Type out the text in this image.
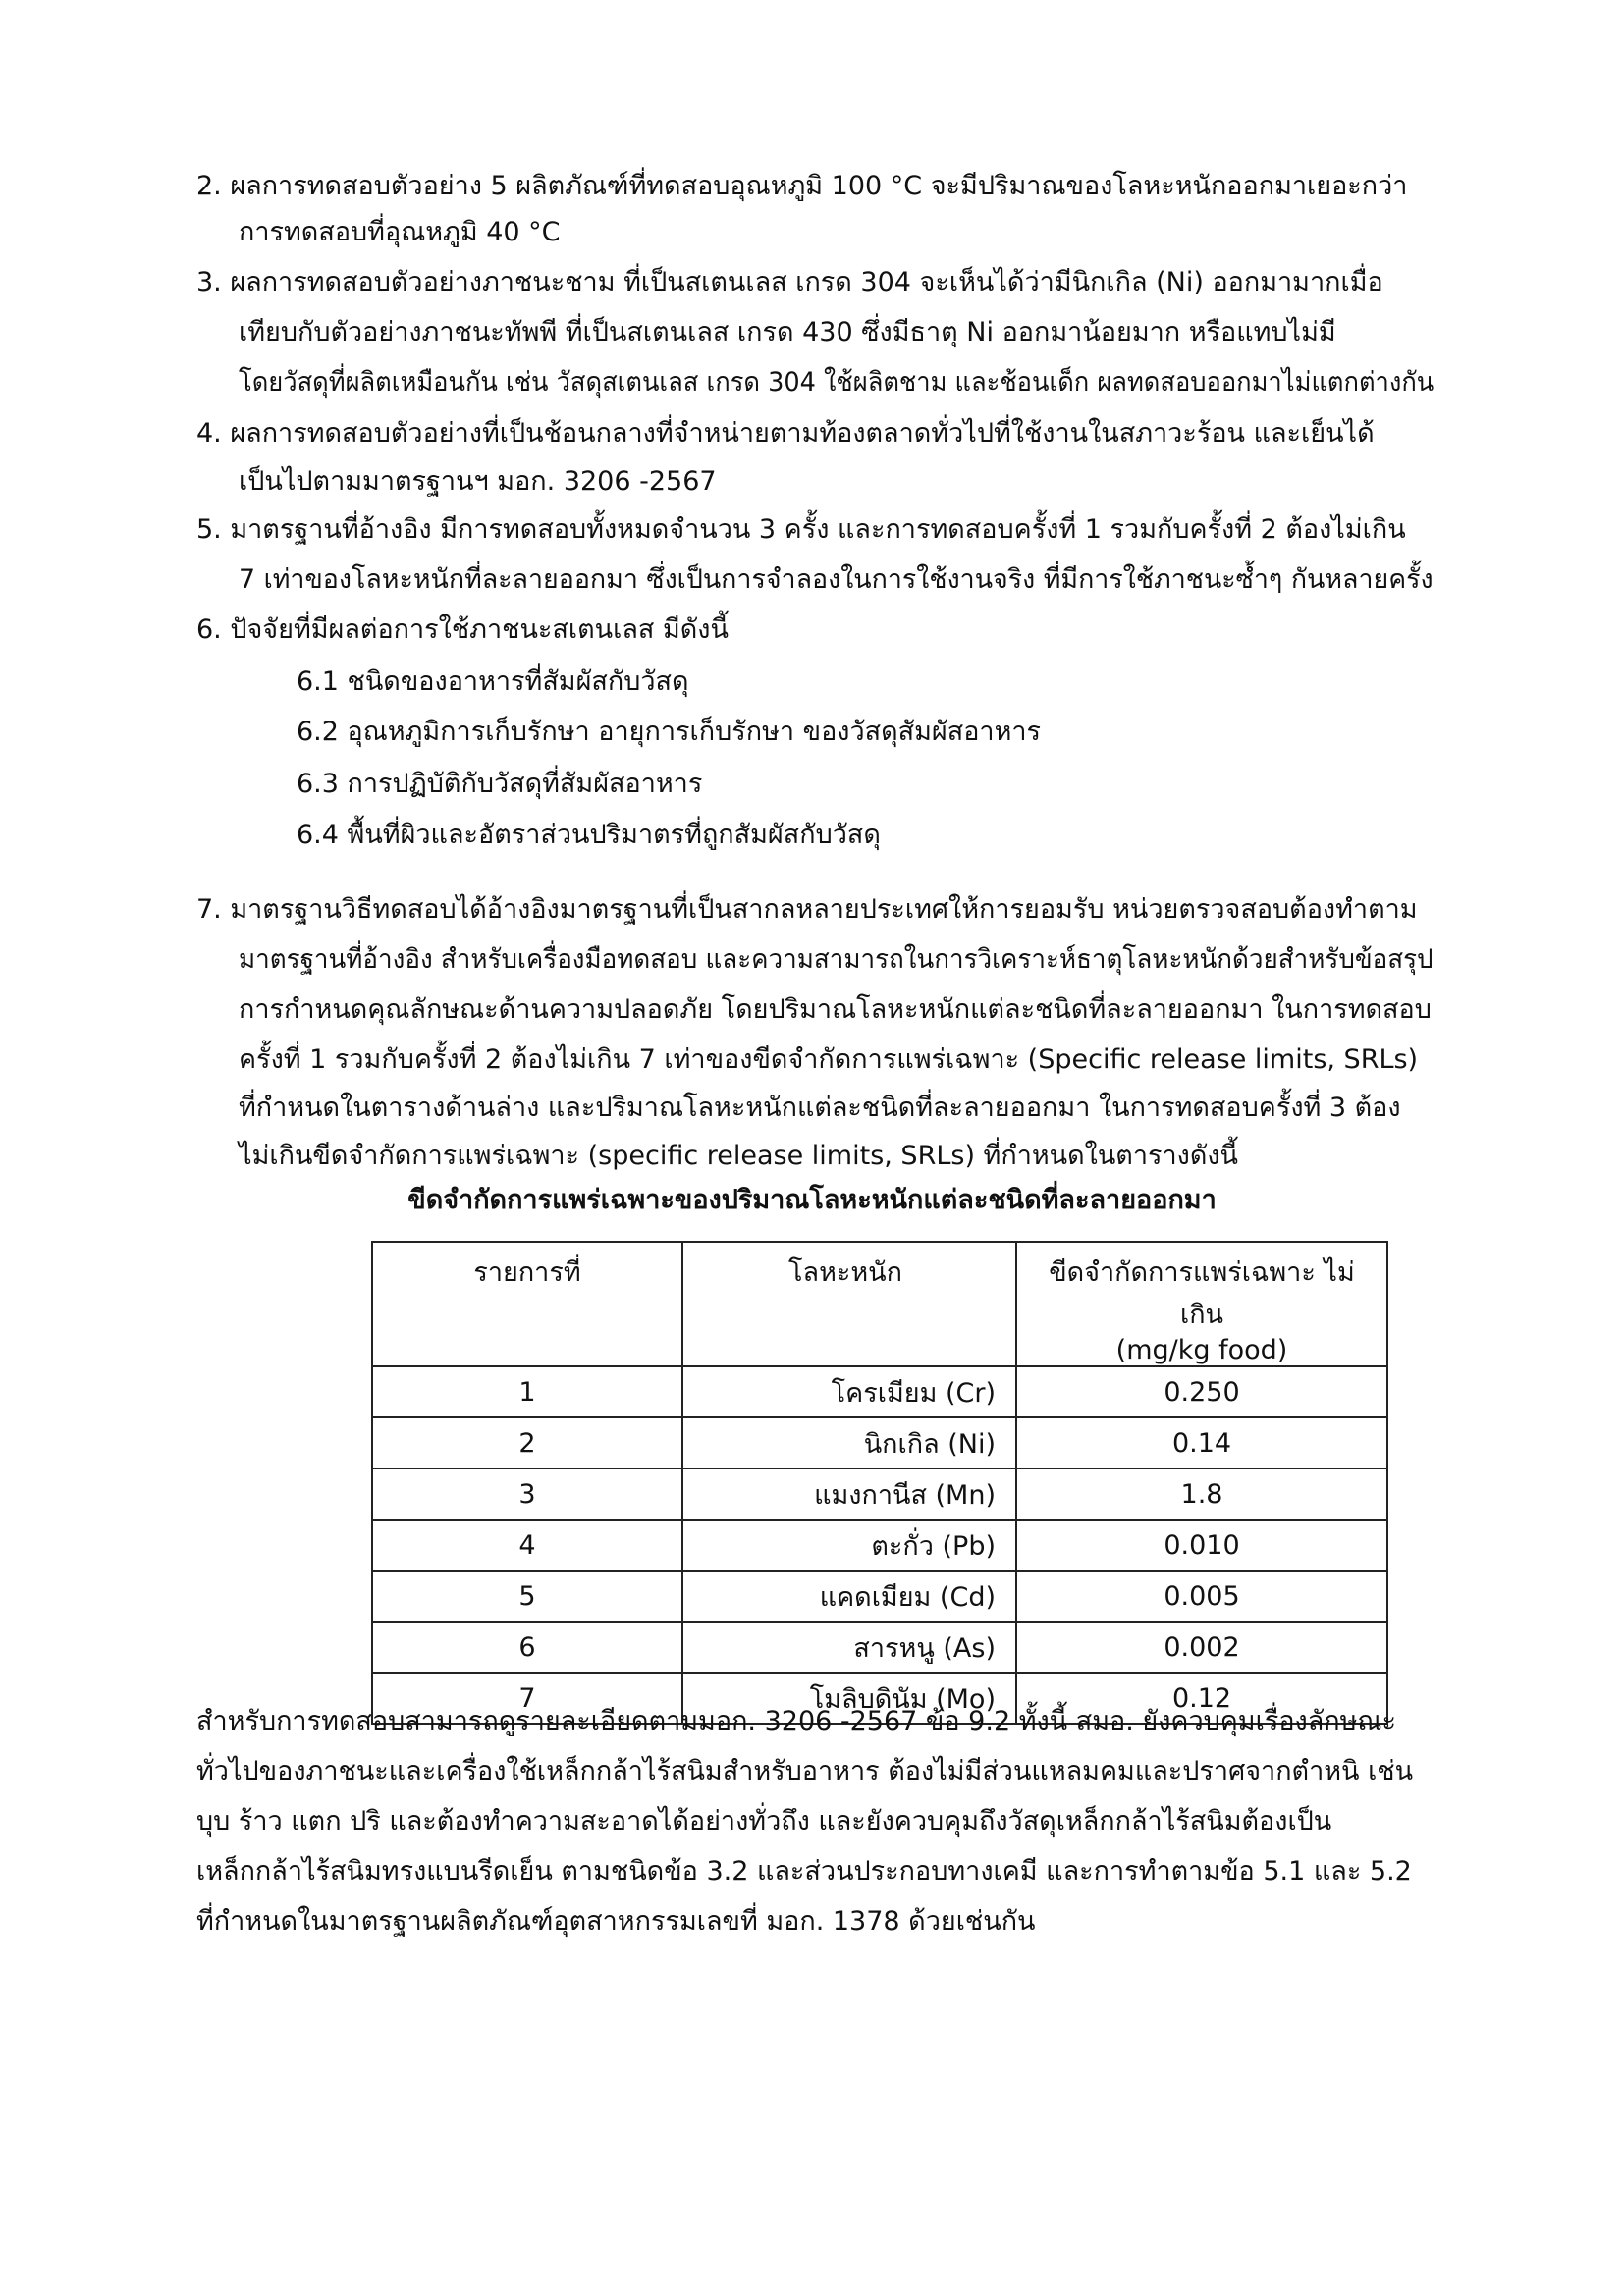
2. ผลการทดสอบตัวอย่าง 5 ผลิตภัณฑ์ที่ทดสอบอุณหภูมิ 100 °C จะมีปริมาณของโลหะหนักออกมาเยอะกว่า
การทดสอบที่อุณหภูมิ 40 °C
3. ผลการทดสอบตัวอย่างภาชนะชาม ที่เป็นสเตนเลส เกรด 304 จะเห็นได้ว่ามีนิกเกิล (Ni) ออกมามากเมื่อ
เทียบกับตัวอย่างภาชนะทัพพี ที่เป็นสเตนเลส เกรด 430 ซึ่งมีธาตุ Ni ออกมาน้อยมาก หรือแทบไม่มี
โดยวัสดุที่ผลิตเหมือนกัน เช่น วัสดุสเตนเลส เกรด 304 ใช้ผลิตชาม และช้อนเด็ก ผลทดสอบออกมาไม่แตกต่างกัน
4. ผลการทดสอบตัวอย่างที่เป็นช้อนกลางที่จำหน่ายตามท้องตลาดทั่วไปที่ใช้งานในสภาวะร้อน และเย็นได้
เป็นไปตามมาตรฐานฯ มอก. 3206 -2567
5. มาตรฐานที่อ้างอิง มีการทดสอบทั้งหมดจำนวน 3 ครั้ง และการทดสอบครั้งที่ 1 รวมกับครั้งที่ 2 ต้องไม่เกิน
7 เท่าของโลหะหนักที่ละลายออกมา ซึ่งเป็นการจำลองในการใช้งานจริง ที่มีการใช้ภาชนะซ้ำๆ กันหลายครั้ง
6. ปัจจัยที่มีผลต่อการใช้ภาชนะสเตนเลส มีดังนี้
6.1 ชนิดของอาหารที่สัมผัสกับวัสดุ
6.2 อุณหภูมิการเก็บรักษา อายุการเก็บรักษา ของวัสดุสัมผัสอาหาร
6.3 การปฏิบัติกับวัสดุที่สัมผัสอาหาร
6.4 พื้นที่ผิวและอัตราส่วนปริมาตรที่ถูกสัมผัสกับวัสดุ
7. มาตรฐานวิธีทดสอบได้อ้างอิงมาตรฐานที่เป็นสากลหลายประเทศให้การยอมรับ หน่วยตรวจสอบต้องทำตาม
มาตรฐานที่อ้างอิง สำหรับเครื่องมือทดสอบ และความสามารถในการวิเคราะห์ธาตุโลหะหนักด้วยสำหรับข้อสรุป
การกำหนดคุณลักษณะด้านความปลอดภัย โดยปริมาณโลหะหนักแต่ละชนิดที่ละลายออกมา ในการทดสอบ
ครั้งที่ 1 รวมกับครั้งที่ 2 ต้องไม่เกิน 7 เท่าของขีดจำกัดการแพร่เฉพาะ (Specific release limits, SRLs)
ที่กำหนดในตารางด้านล่าง และปริมาณโลหะหนักแต่ละชนิดที่ละลายออกมา ในการทดสอบครั้งที่ 3 ต้อง
ไม่เกินขีดจำกัดการแพร่เฉพาะ (specific release limits, SRLs) ที่กำหนดในตารางดังนี้
ขีดจำกัดการแพร่เฉพาะของปริมาณโลหะหนักแต่ละชนิดที่ละลายออกมา
รายการที่	โลหะหนัก	ขีดจำกัดการแพร่เฉพาะ ไม่เกิน
(mg/kg food)

1	โครเมียม (Cr)	0.250
2	นิกเกิล (Ni)	0.14
3	แมงกานีส (Mn)	1.8
4	ตะกั่ว (Pb)	0.010
5	แคดเมียม (Cd)	0.005
6	สารหนู (As)	0.002
7	โมลิบดินัม (Mo)	0.12
สำหรับการทดสอบสามารถดูรายละเอียดตามมอก. 3206 -2567 ข้อ 9.2 ทั้งนี้ สมอ. ยังควบคุมเรื่องลักษณะ
ทั่วไปของภาชนะและเครื่องใช้เหล็กกล้าไร้สนิมสำหรับอาหาร ต้องไม่มีส่วนแหลมคมและปราศจากตำหนิ เช่น
บุบ ร้าว แตก ปริ และต้องทำความสะอาดได้อย่างทั่วถึง และยังควบคุมถึงวัสดุเหล็กกล้าไร้สนิมต้องเป็น
เหล็กกล้าไร้สนิมทรงแบนรีดเย็น ตามชนิดข้อ 3.2 และส่วนประกอบทางเคมี และการทำตามข้อ 5.1 และ 5.2
ที่กำหนดในมาตรฐานผลิตภัณฑ์อุตสาหกรรมเลขที่ มอก. 1378 ด้วยเช่นกัน
